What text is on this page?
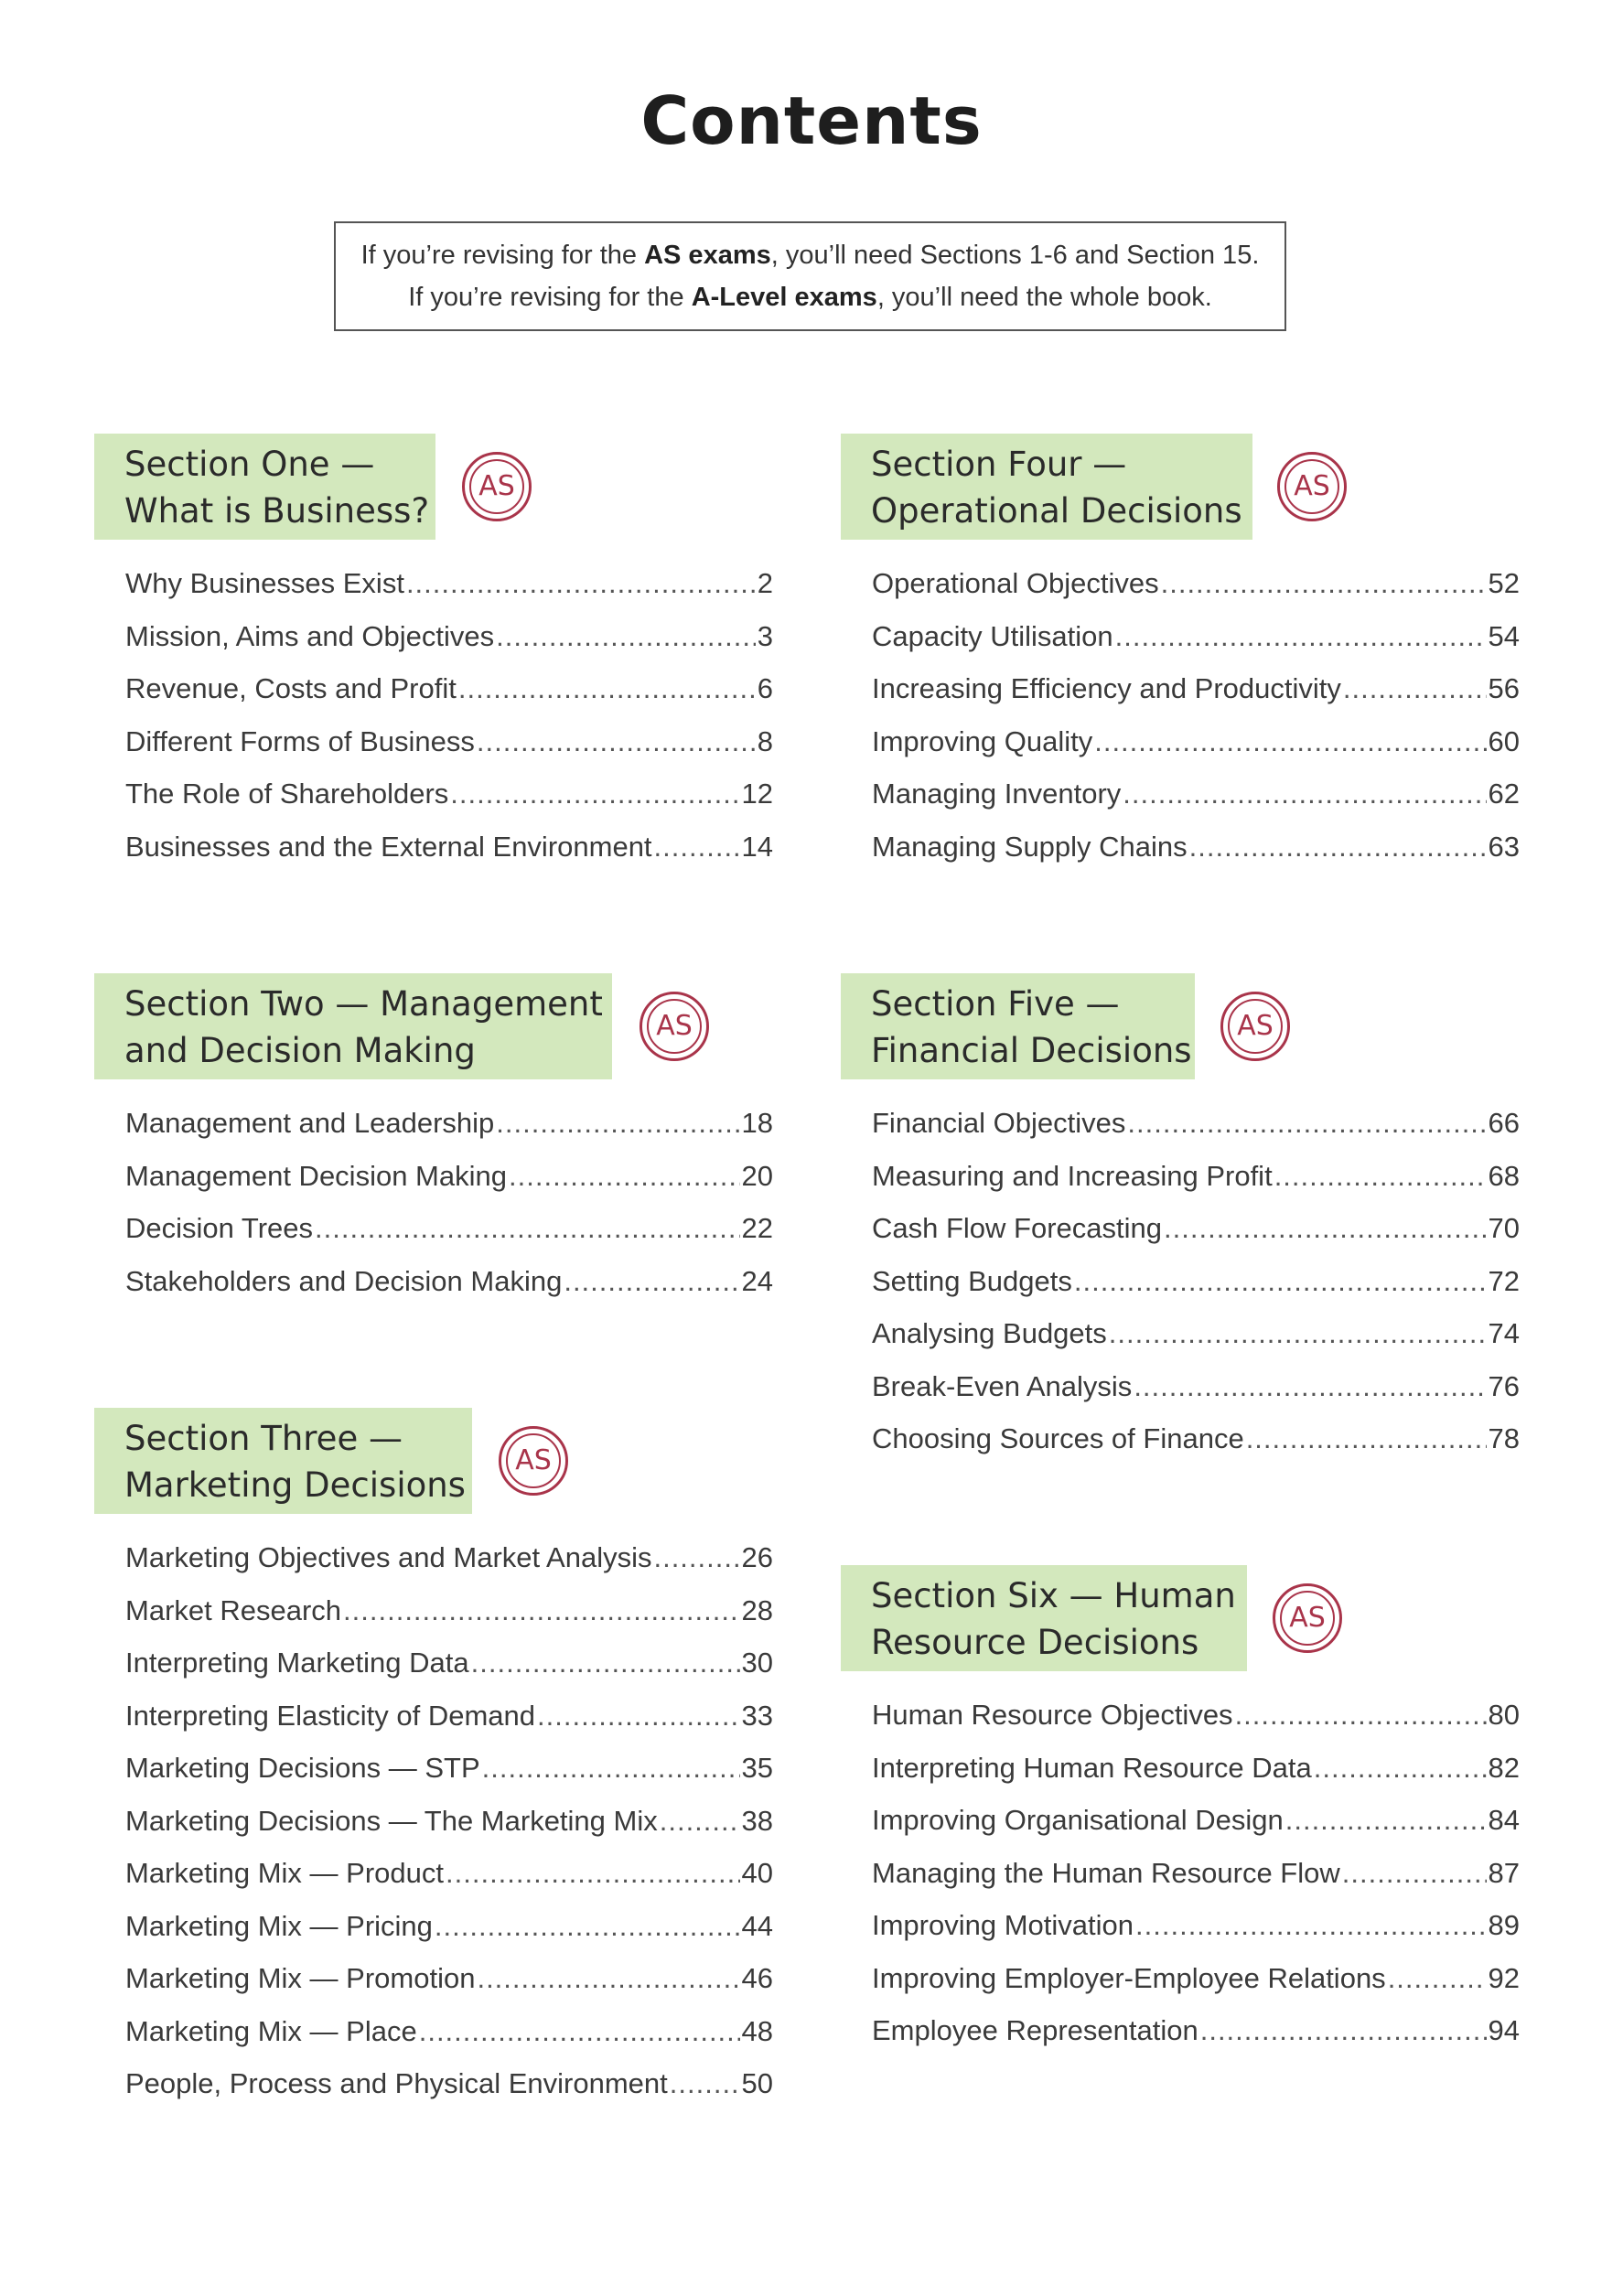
Contents
If you’re revising for the AS exams, you’ll need Sections 1-6 and Section 15.
If you’re revising for the A-Level exams, you’ll need the whole book.
Section One —
What is Business?
AS
Why Businesses Exist .....	2
Mission, Aims and Objectives .....	3
Revenue, Costs and Profit .....	6
Different Forms of Business .....	8
The Role of Shareholders .....	12
Businesses and the External Environment .....	14
Section Two — Management
and Decision Making
AS
Management and Leadership .....	18
Management Decision Making .....	20
Decision Trees .....	22
Stakeholders and Decision Making .....	24
Section Three —
Marketing Decisions
AS
Marketing Objectives and Market Analysis .....	26
Market Research .....	28
Interpreting Marketing Data .....	30
Interpreting Elasticity of Demand .....	33
Marketing Decisions — STP .....	35
Marketing Decisions — The Marketing Mix .....	38
Marketing Mix — Product .....	40
Marketing Mix — Pricing .....	44
Marketing Mix — Promotion .....	46
Marketing Mix — Place .....	48
People, Process and Physical Environment .....	50
Section Four —
Operational Decisions
AS
Operational Objectives .....	52
Capacity Utilisation .....	54
Increasing Efficiency and Productivity .....	56
Improving Quality .....	60
Managing Inventory .....	62
Managing Supply Chains .....	63
Section Five —
Financial Decisions
AS
Financial Objectives .....	66
Measuring and Increasing Profit .....	68
Cash Flow Forecasting .....	70
Setting Budgets .....	72
Analysing Budgets .....	74
Break-Even Analysis .....	76
Choosing Sources of Finance .....	78
Section Six — Human
Resource Decisions
AS
Human Resource Objectives .....	80
Interpreting Human Resource Data .....	82
Improving Organisational Design .....	84
Managing the Human Resource Flow .....	87
Improving Motivation .....	89
Improving Employer-Employee Relations .....	92
Employee Representation .....	94
